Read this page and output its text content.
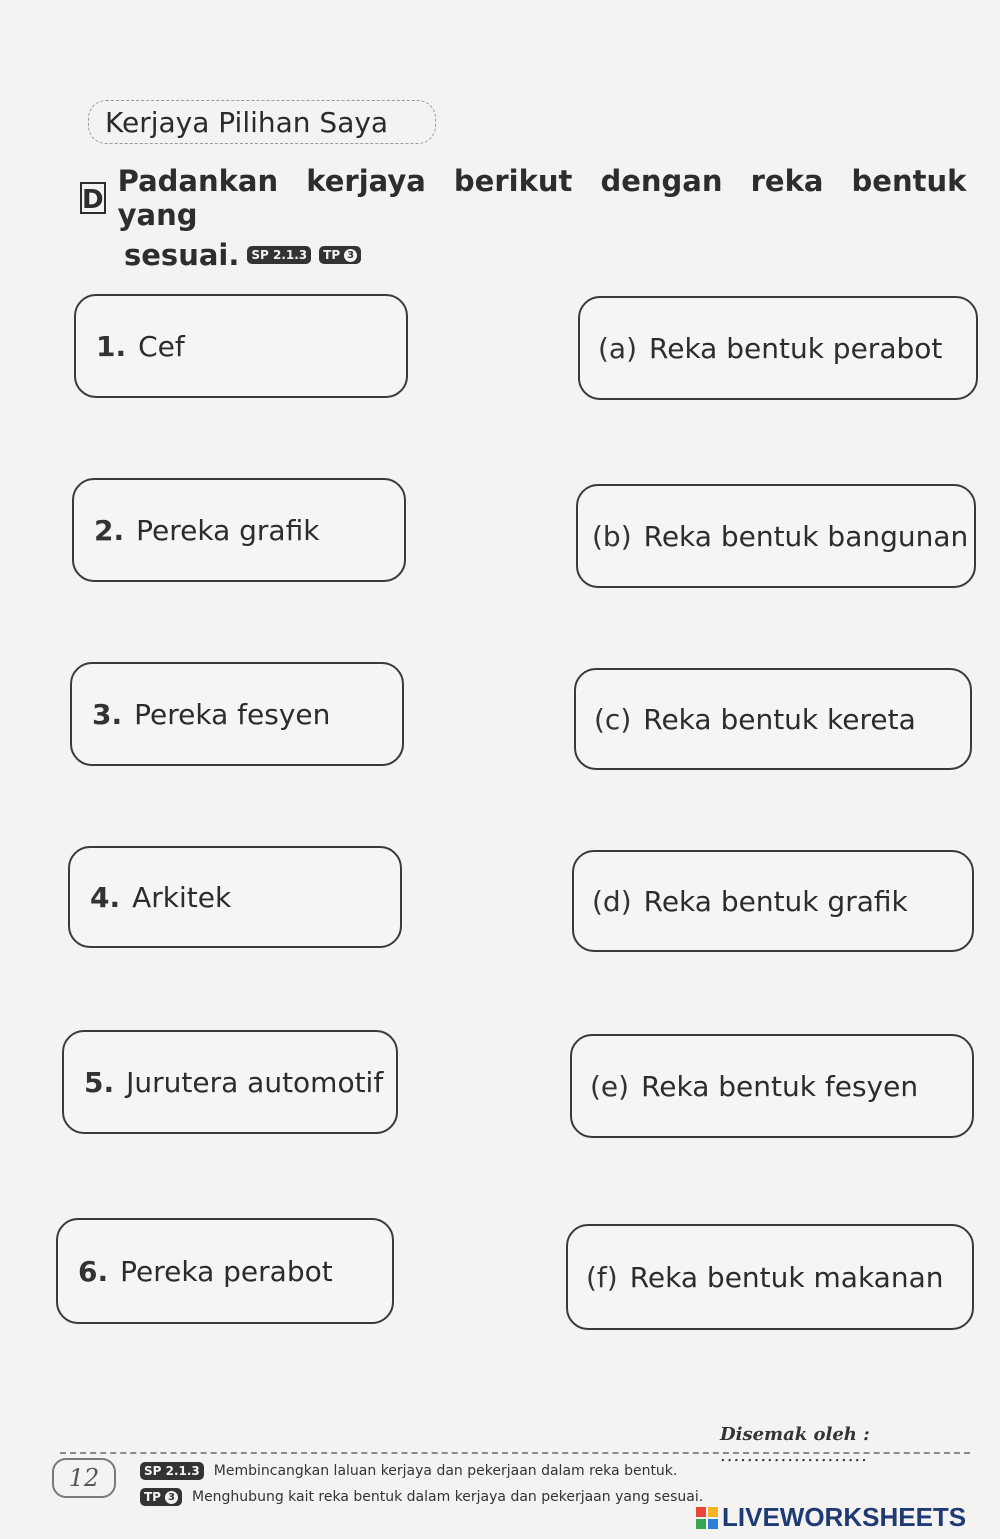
Kerjaya Pilihan Saya
D
Padankan kerjaya berikut dengan reka bentuk yang
sesuai. SP 2.1.3 TP 3
1. Cef
2. Pereka grafik
3. Pereka fesyen
4. Arkitek
5. Jurutera automotif
6. Pereka perabot
(a) Reka bentuk perabot
(b) Reka bentuk bangunan
(c) Reka bentuk kereta
(d) Reka bentuk grafik
(e) Reka bentuk fesyen
(f) Reka bentuk makanan
Disemak oleh : ......................
12	SP 2.1.3 Membincangkan laluan kerjaya dan pekerjaan dalam reka bentuk.
TP 3 Menghubung kait reka bentuk dalam kerjaya dan pekerjaan yang sesuai.
LIVEWORKSHEETS
